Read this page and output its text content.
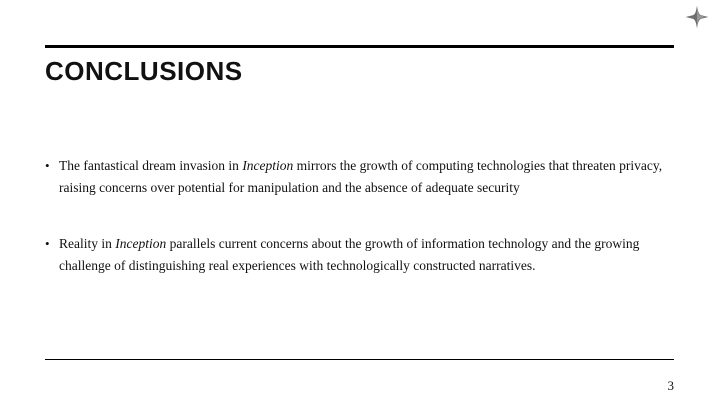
CONCLUSIONS
• The fantastical dream invasion in Inception mirrors the growth of computing technologies that threaten privacy, raising concerns over potential for manipulation and the absence of adequate security
• Reality in Inception parallels current concerns about the growth of information technology and the growing challenge of distinguishing real experiences with technologically constructed narratives.
3
